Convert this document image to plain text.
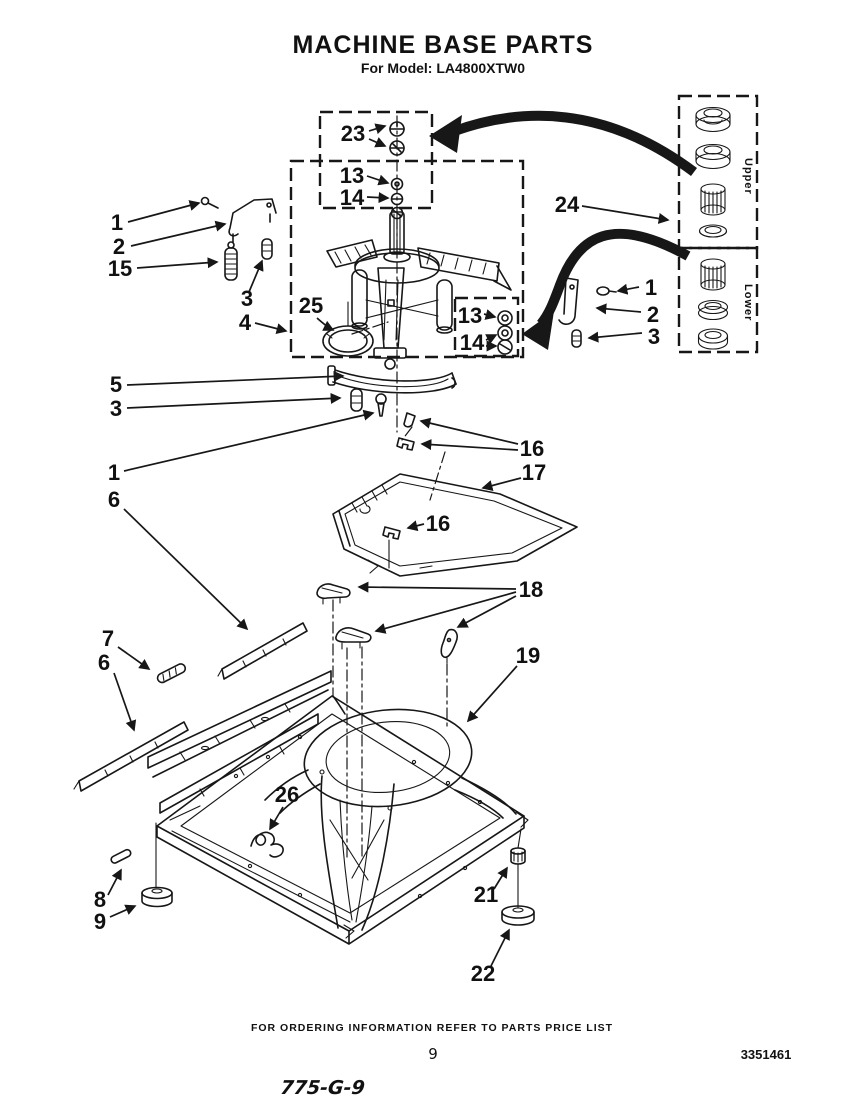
MACHINE BASE PARTS
For Model: LA4800XTW0
Upper
Lower
23
13
14	24
1
2
3
1
2
15
3
4
25	13
14
5
3
1
6
7
6
16
17
16
18
19
26
8
9
21
22
FOR ORDERING INFORMATION REFER TO PARTS PRICE LIST
9	3351461
775-G-9
